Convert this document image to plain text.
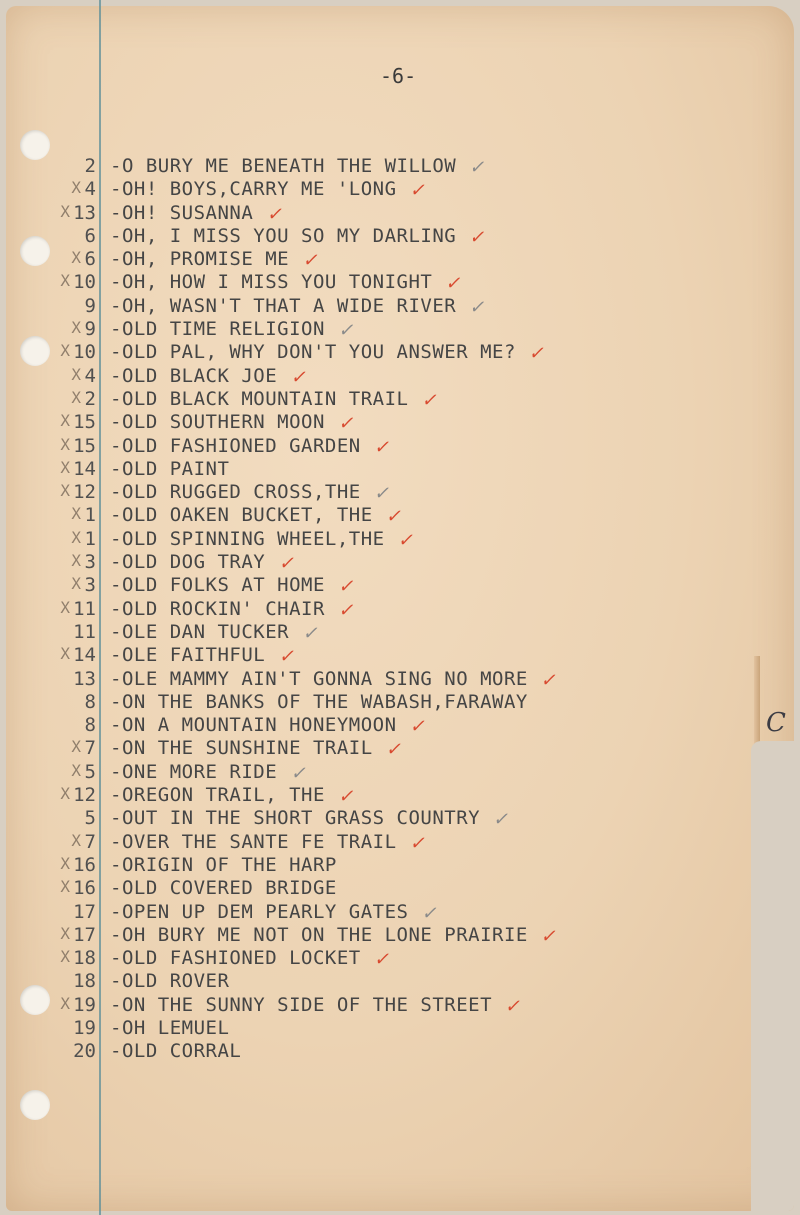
C
-6-
2 -O BURY ME BENEATH THE WILLOW ✓
X 4 -OH! BOYS,CARRY ME 'LONG ✓
X 13 -OH! SUSANNA ✓
6 -OH, I MISS YOU SO MY DARLING ✓
X 6 -OH, PROMISE ME ✓
X 10 -OH, HOW I MISS YOU TONIGHT ✓
9 -OH, WASN'T THAT A WIDE RIVER ✓
X 9 -OLD TIME RELIGION ✓
X 10 -OLD PAL, WHY DON'T YOU ANSWER ME? ✓
X 4 -OLD BLACK JOE ✓
X 2 -OLD BLACK MOUNTAIN TRAIL ✓
X 15 -OLD SOUTHERN MOON ✓
X 15 -OLD FASHIONED GARDEN ✓
X 14 -OLD PAINT
X 12 -OLD RUGGED CROSS,THE ✓
X 1 -OLD OAKEN BUCKET, THE ✓
X 1 -OLD SPINNING WHEEL,THE ✓
X 3 -OLD DOG TRAY ✓
X 3 -OLD FOLKS AT HOME ✓
X 11 -OLD ROCKIN' CHAIR ✓
11 -OLE DAN TUCKER ✓
X 14 -OLE FAITHFUL ✓
13 -OLE MAMMY AIN'T GONNA SING NO MORE ✓
8 -ON THE BANKS OF THE WABASH,FARAWAY
8 -ON A MOUNTAIN HONEYMOON ✓
X 7 -ON THE SUNSHINE TRAIL ✓
X 5 -ONE MORE RIDE ✓
X 12 -OREGON TRAIL, THE ✓
5 -OUT IN THE SHORT GRASS COUNTRY ✓
X 7 -OVER THE SANTE FE TRAIL ✓
X 16 -ORIGIN OF THE HARP
X 16 -OLD COVERED BRIDGE
17 -OPEN UP DEM PEARLY GATES ✓
X 17 -OH BURY ME NOT ON THE LONE PRAIRIE ✓
X 18 -OLD FASHIONED LOCKET ✓
18 -OLD ROVER
X 19 -ON THE SUNNY SIDE OF THE STREET ✓
19 -OH LEMUEL
20 -OLD CORRAL
